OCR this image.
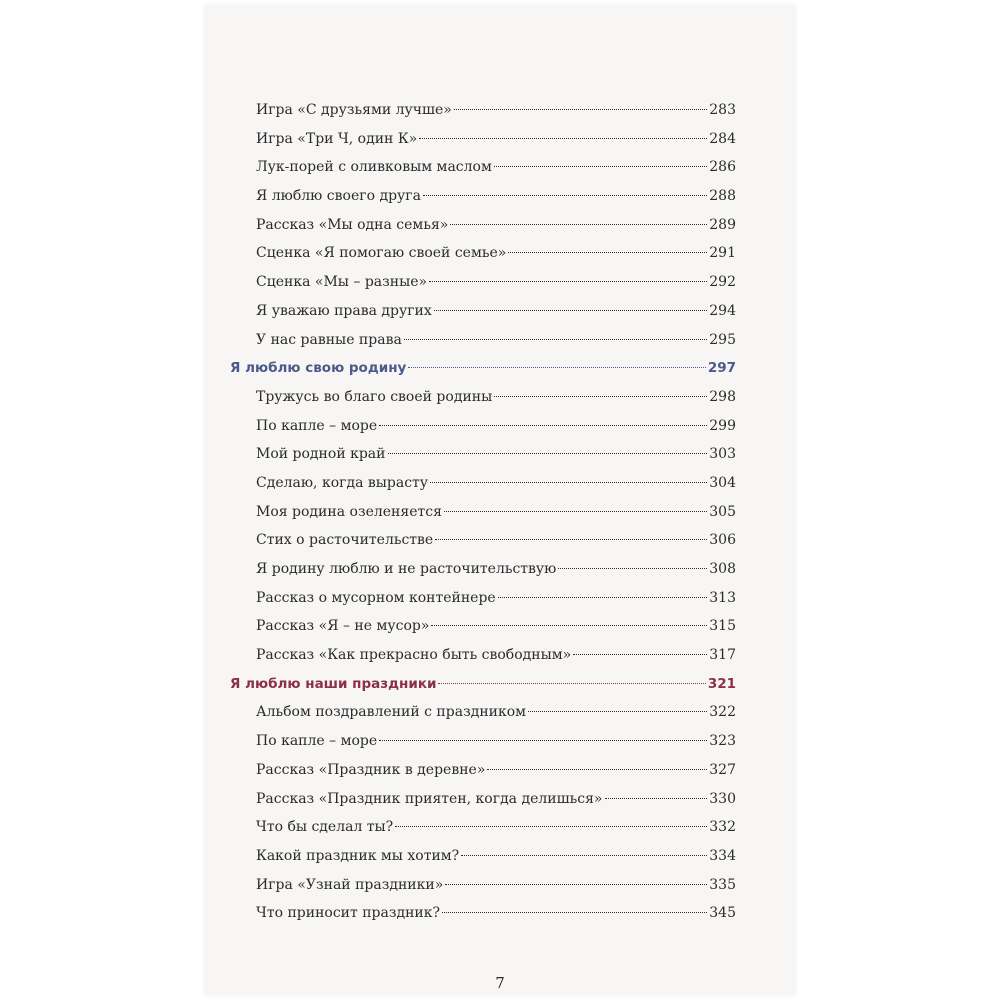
Игра «С друзьями лучше»	283
Игра «Три Ч, один К»	284
Лук-порей с оливковым маслом	286
Я люблю своего друга	288
Рассказ «Мы одна семья»	289
Сценка «Я помогаю своей семье»	291
Сценка «Мы – разные»	292
Я уважаю права других	294
У нас равные права	295
Я люблю свою родину	297
Тружусь во благо своей родины	298
По капле – море	299
Мой родной край	303
Сделаю, когда вырасту	304
Моя родина озеленяется	305
Стих о расточительстве	306
Я родину люблю и не расточительствую	308
Рассказ о мусорном контейнере	313
Рассказ «Я – не мусор»	315
Рассказ «Как прекрасно быть свободным»	317
Я люблю наши праздники	321
Альбом поздравлений с праздником	322
По капле – море	323
Рассказ «Праздник в деревне»	327
Рассказ «Праздник приятен, когда делишься»	330
Что бы сделал ты?	332
Какой праздник мы хотим?	334
Игра «Узнай праздники»	335
Что приносит праздник?	345
7
